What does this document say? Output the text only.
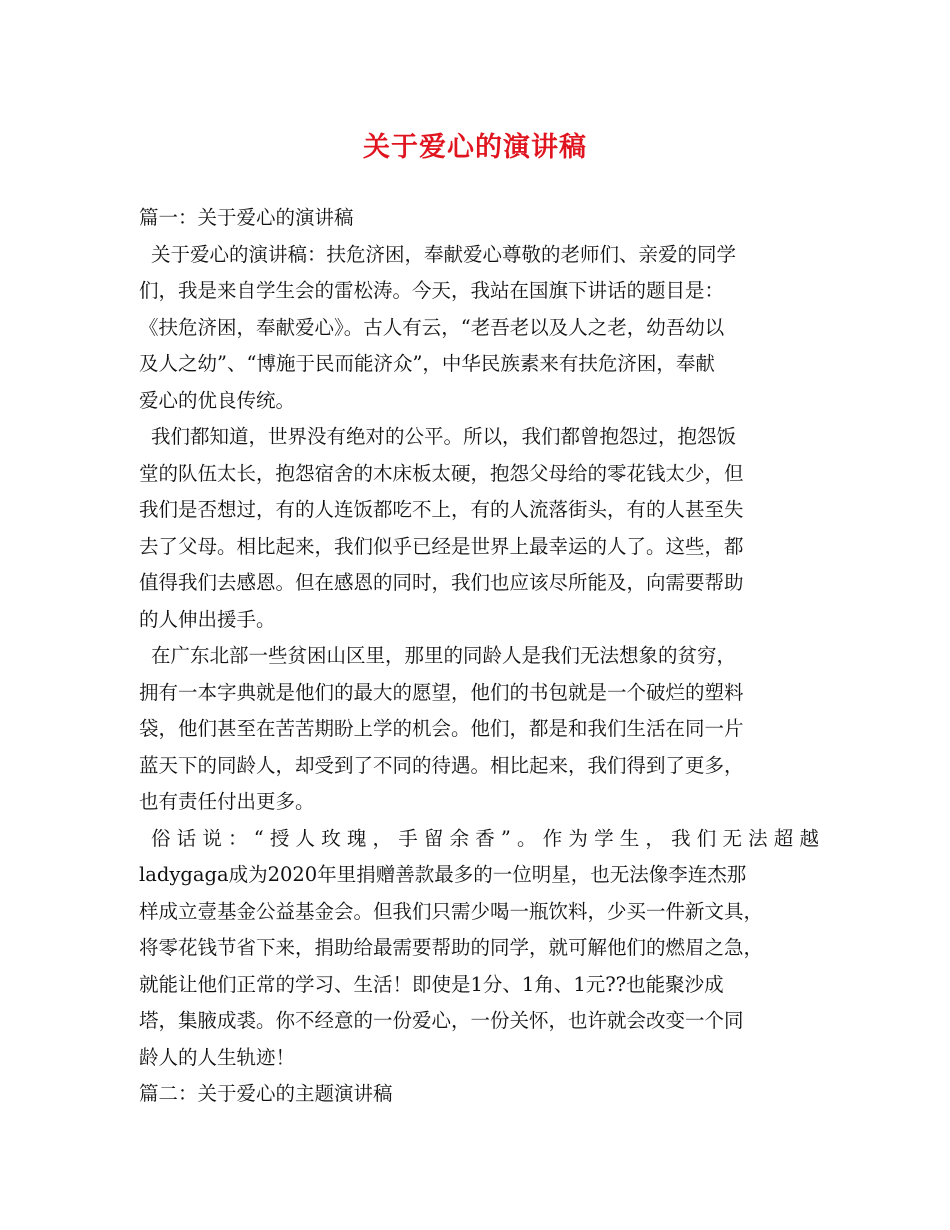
关于爱心的演讲稿
篇一：关于爱心的演讲稿
关于爱心的演讲稿：扶危济困，奉献爱心尊敬的老师们、亲爱的同学
们，我是来自学生会的雷松涛。今天，我站在国旗下讲话的题目是：
《扶危济困，奉献爱心》。古人有云，“老吾老以及人之老，幼吾幼以
及人之幼”、“博施于民而能济众”，中华民族素来有扶危济困，奉献
爱心的优良传统。
我们都知道，世界没有绝对的公平。所以，我们都曾抱怨过，抱怨饭
堂的队伍太长，抱怨宿舍的木床板太硬，抱怨父母给的零花钱太少，但
我们是否想过，有的人连饭都吃不上，有的人流落街头，有的人甚至失
去了父母。相比起来，我们似乎已经是世界上最幸运的人了。这些，都
值得我们去感恩。但在感恩的同时，我们也应该尽所能及，向需要帮助
的人伸出援手。
在广东北部一些贫困山区里，那里的同龄人是我们无法想象的贫穷，
拥有一本字典就是他们的最大的愿望，他们的书包就是一个破烂的塑料
袋，他们甚至在苦苦期盼上学的机会。他们，都是和我们生活在同一片
蓝天下的同龄人，却受到了不同的待遇。相比起来，我们得到了更多，
也有责任付出更多。
俗话说：“授人玫瑰，手留余香”。作为学生，我们无法超越
ladygaga成为2020年里捐赠善款最多的一位明星，也无法像李连杰那
样成立壹基金公益基金会。但我们只需少喝一瓶饮料，少买一件新文具，
将零花钱节省下来，捐助给最需要帮助的同学，就可解他们的燃眉之急，
就能让他们正常的学习、生活！即使是1分、1角、1元??也能聚沙成
塔，集腋成裘。你不经意的一份爱心，一份关怀，也许就会改变一个同
龄人的人生轨迹！
篇二：关于爱心的主题演讲稿
